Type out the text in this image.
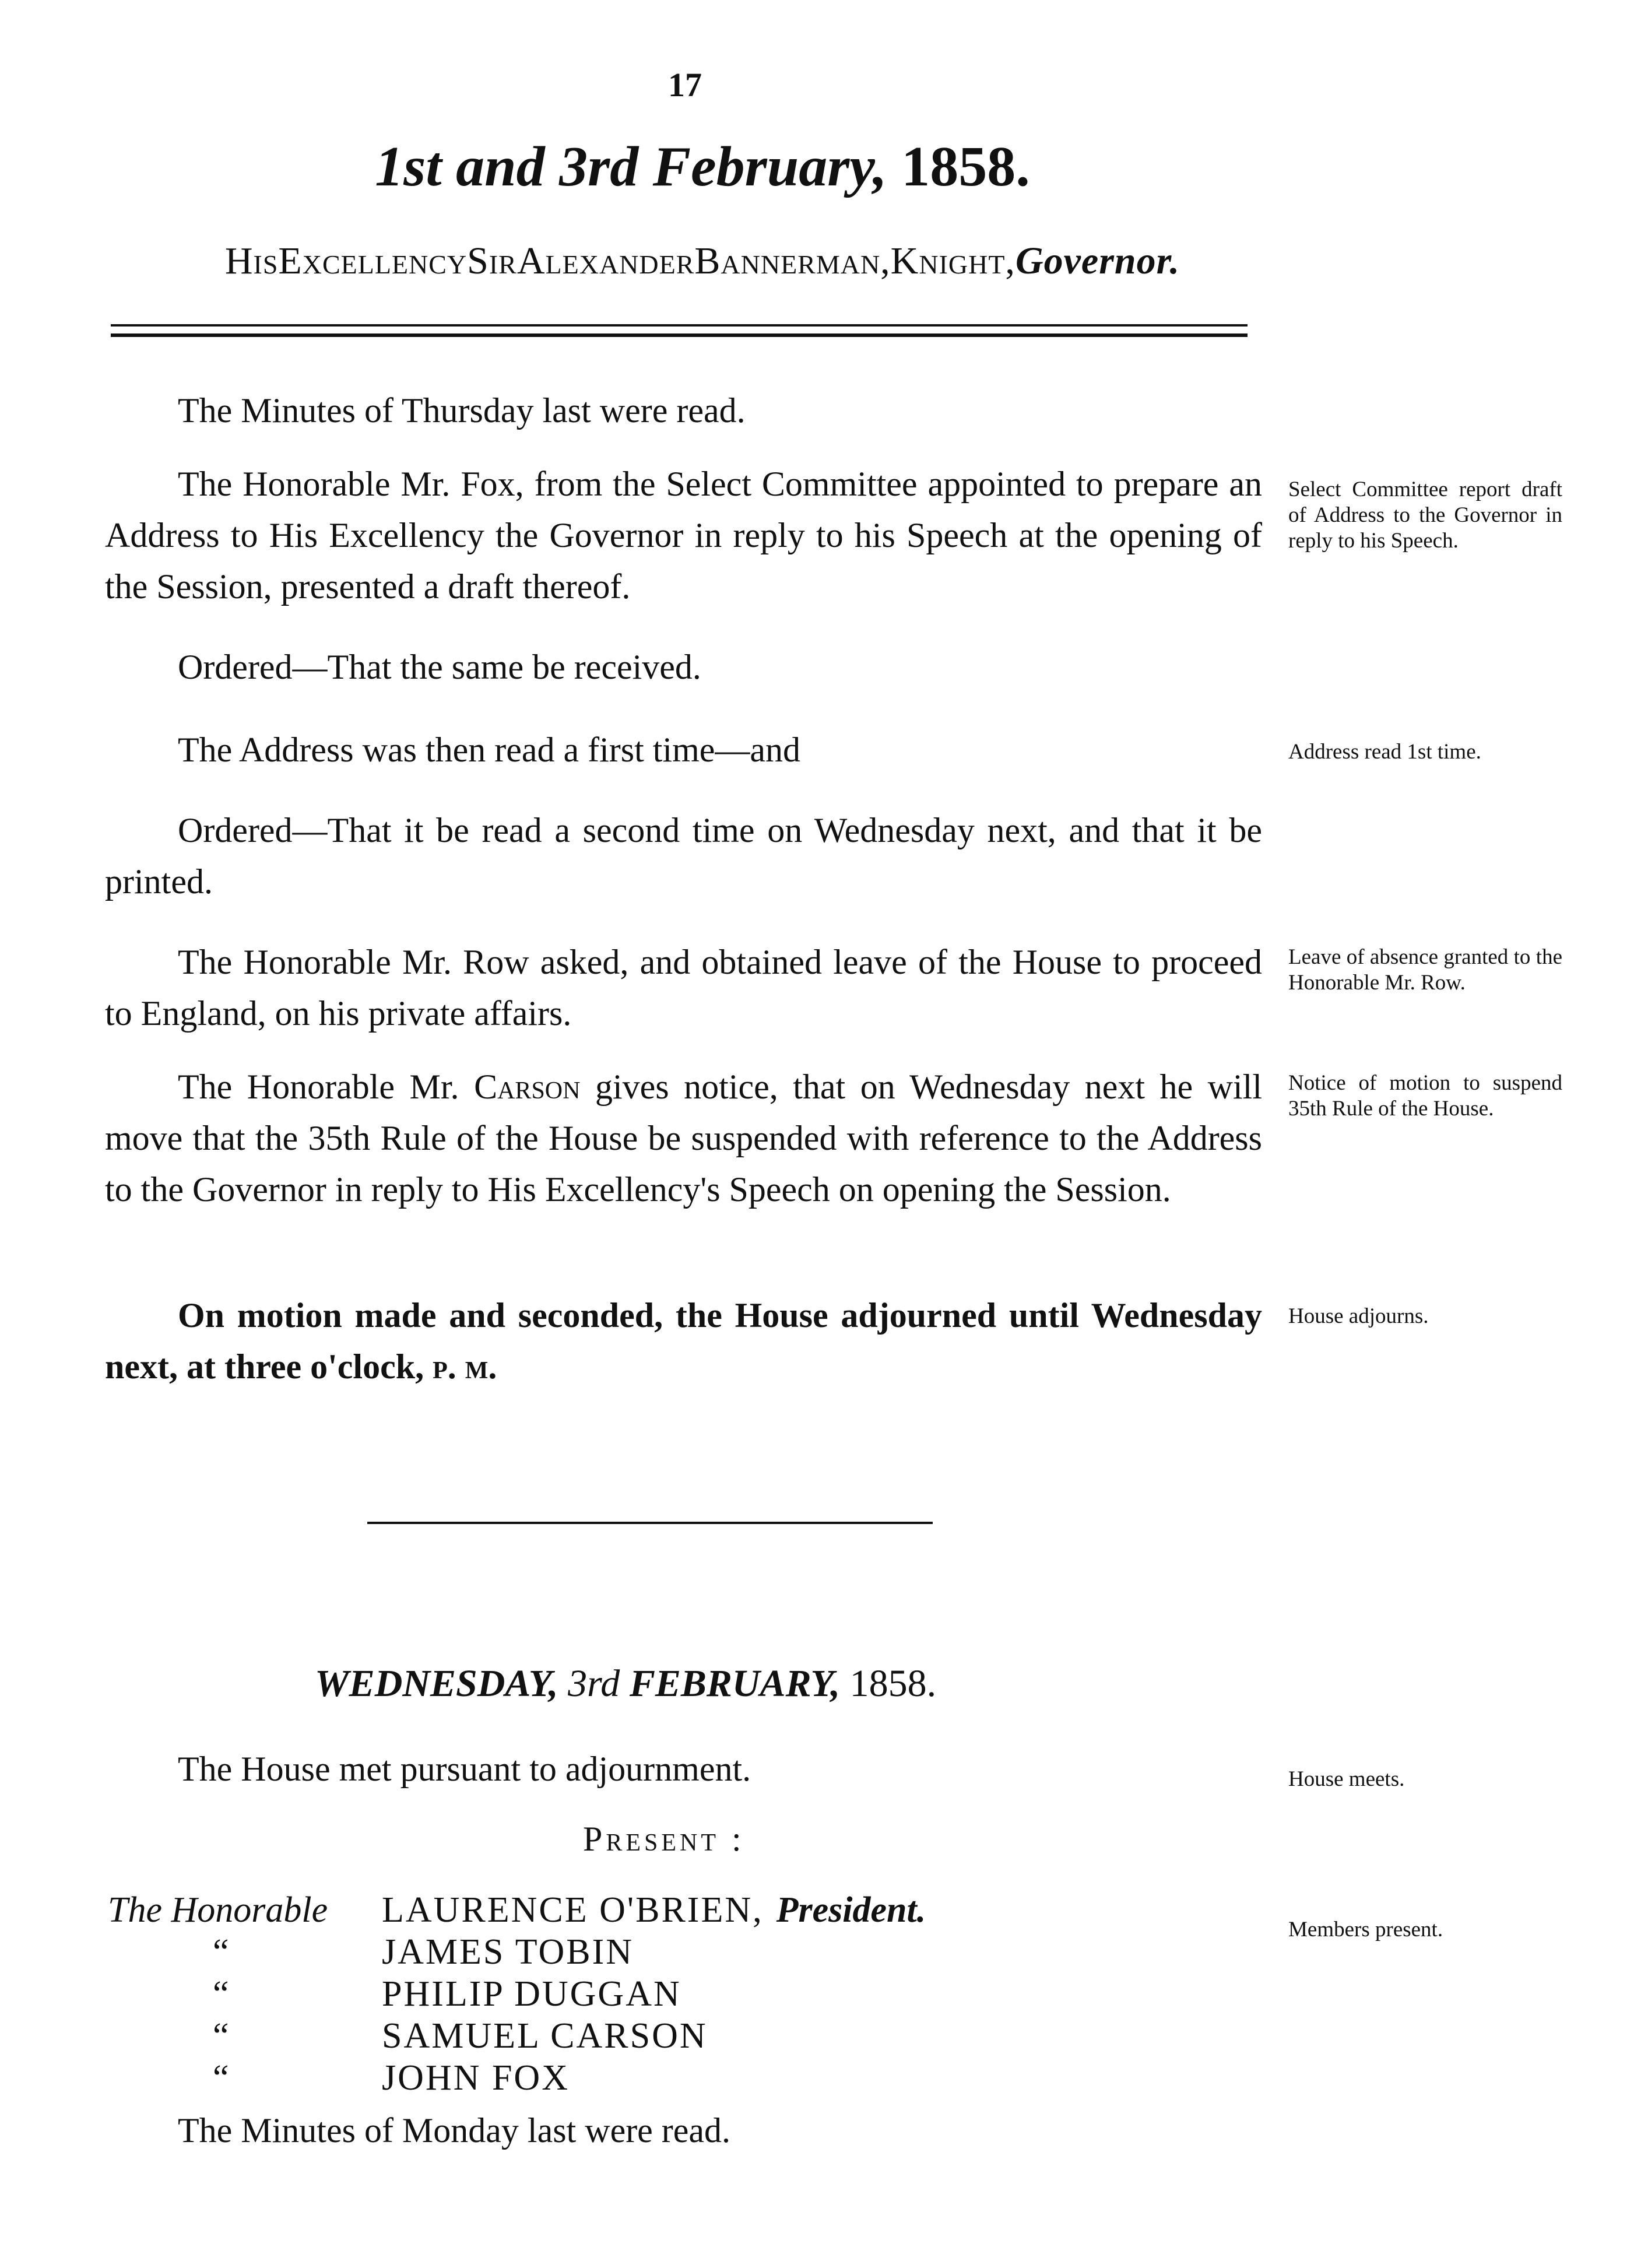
17
1st and 3rd February, 1858.
HisExcellencySirAlexanderBannerman,Knight,Governor.
The Minutes of Thursday last were read.
The Honorable Mr. Fox, from the Select Committee appointed to prepare an Address to His Excellency the Governor in reply to his Speech at the opening of the Session, presented a draft thereof.
Select Committee report draft of Address to the Governor in reply to his Speech.
Ordered—That the same be received.
The Address was then read a first time—and	Address read 1st time.
Ordered—That it be read a second time on Wednesday next, and that it be printed.
The Honorable Mr. Row asked, and obtained leave of the House to proceed to England, on his private affairs.
Leave of absence granted to the Honorable Mr. Row.
The Honorable Mr. Carson gives notice, that on Wednesday next he will move that the 35th Rule of the House be suspended with reference to the Address to the Governor in reply to His Excellency's Speech on opening the Session.
Notice of motion to suspend 35th Rule of the House.
On motion made and seconded, the House adjourned until Wednesday next, at three o'clock, p. m.
House adjourns.
WEDNESDAY, 3rd FEBRUARY, 1858.
The House met pursuant to adjournment.	House meets.
Present :
The Honorable	LAURENCE O'BRIEN, President.
“	JAMES TOBIN
“	PHILIP DUGGAN
“	SAMUEL CARSON
“	JOHN FOX
Members present.
The Minutes of Monday last were read.
